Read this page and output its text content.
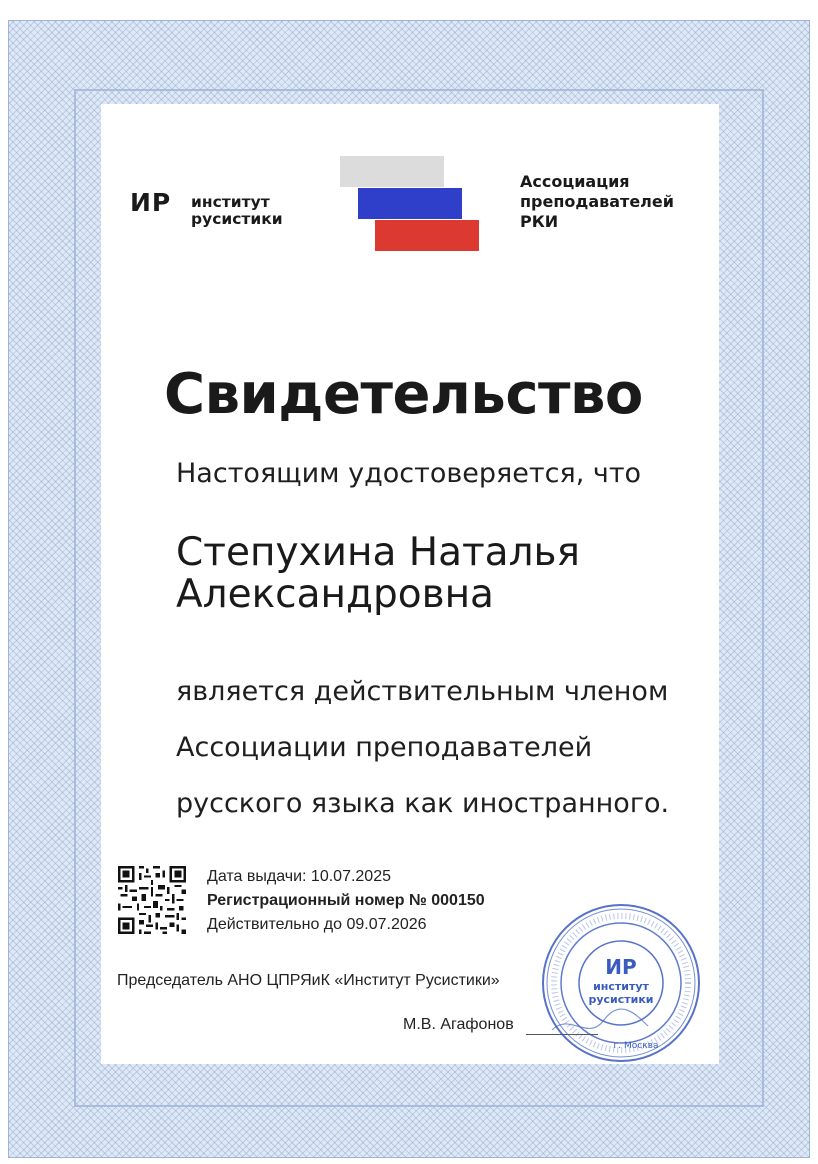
ИР институт
русистики
Ассоциация
преподавателей
РКИ
Свидетельство
Настоящим удостоверяется, что
Степухина Наталья
Александровна
является действительным членом
Ассоциации преподавателей
русского языка как иностранного.
Дата выдачи: 10.07.2025
Регистрационный номер № 000150
Действительно до 09.07.2026
Председатель АНО ЦПРЯиК «Институт Русистики»
М.В. Агафонов
ИР
институт
русистики
г. Москва
